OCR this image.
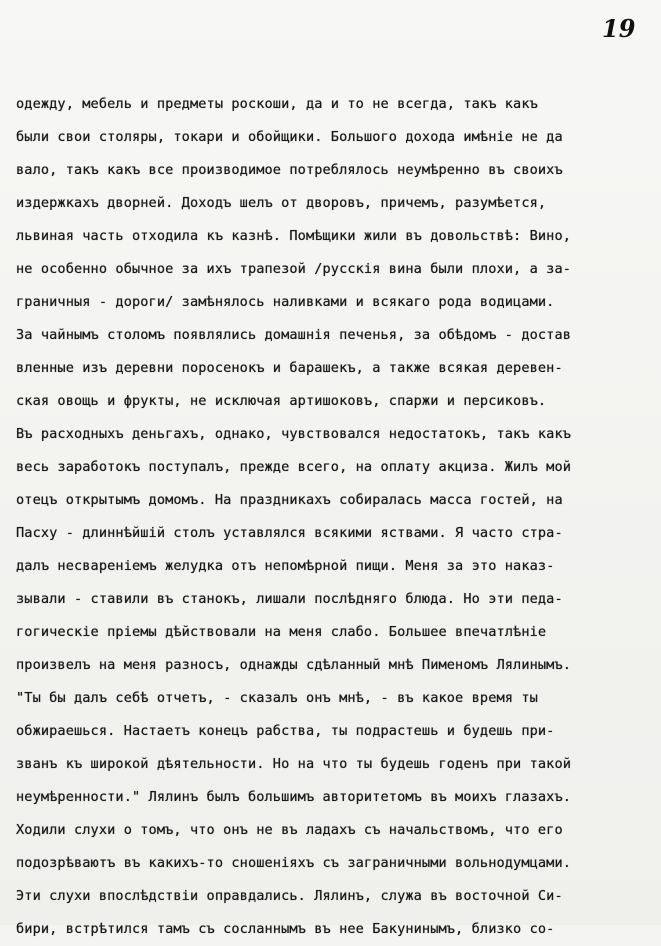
19
одежду, мебель и предметы роскоши, да и то не всегда, такъ какъ
были свои столяры, токари и обойщики. Большого дохода имѣніе не да
вало, такъ какъ все производимое потреблялось неумѣренно въ своихъ
издержкахъ дворней. Доходъ шелъ от дворовъ, причемъ, разумѣется,
львиная часть отходила къ казнѣ. Помѣщики жили въ довольствѣ: Вино,
не особенно обычное за ихъ трапезой /русскія вина были плохи, а за-
граничныя - дороги/ замѣнялось наливками и всякаго рода водицами.
За чайнымъ столомъ появлялись домашнія печенья, за обѣдомъ - достав
вленные изъ деревни поросенокъ и барашекъ, а также всякая деревен-
ская овощь и фрукты, не исключая артишоковъ, спаржи и персиковъ.
Въ расходныхъ деньгахъ, однако, чувствовался недостатокъ, такъ какъ
весь заработокъ поступалъ, прежде всего, на оплату акциза. Жилъ мой
отецъ открытымъ домомъ. На праздникахъ собиралась масса гостей, на
Пасху - длиннѣйшій столъ уставлялся всякими яствами. Я часто стра-
далъ несвареніемъ желудка отъ непомѣрной пищи. Меня за это наказ-
зывали - ставили въ станокъ, лишали послѣдняго блюда. Но эти педа-
гогическіе пріемы дѣйствовали на меня слабо. Большее впечатлѣніе
произвелъ на меня разносъ, однажды сдѣланный мнѣ Пименомъ Лялинымъ.
"Ты бы далъ себѣ отчетъ, - сказалъ онъ мнѣ, - въ какое время ты
обжираешься. Настаетъ конецъ рабства, ты подрастешь и будешь при-
званъ къ широкой дѣятельности. Но на что ты будешь годенъ при такой
неумѣренности." Лялинъ былъ большимъ авторитетомъ въ моихъ глазахъ.
Ходили слухи о томъ, что онъ не въ ладахъ съ начальствомъ, что его
подозрѣваютъ въ какихъ-то сношеніяхъ съ заграничными вольнодумцами.
Эти слухи впослѣдствіи оправдались. Лялинъ, служа въ восточной Си-
бири, встрѣтился тамъ съ сосланнымъ въ нее Бакунинымъ, близко со-
